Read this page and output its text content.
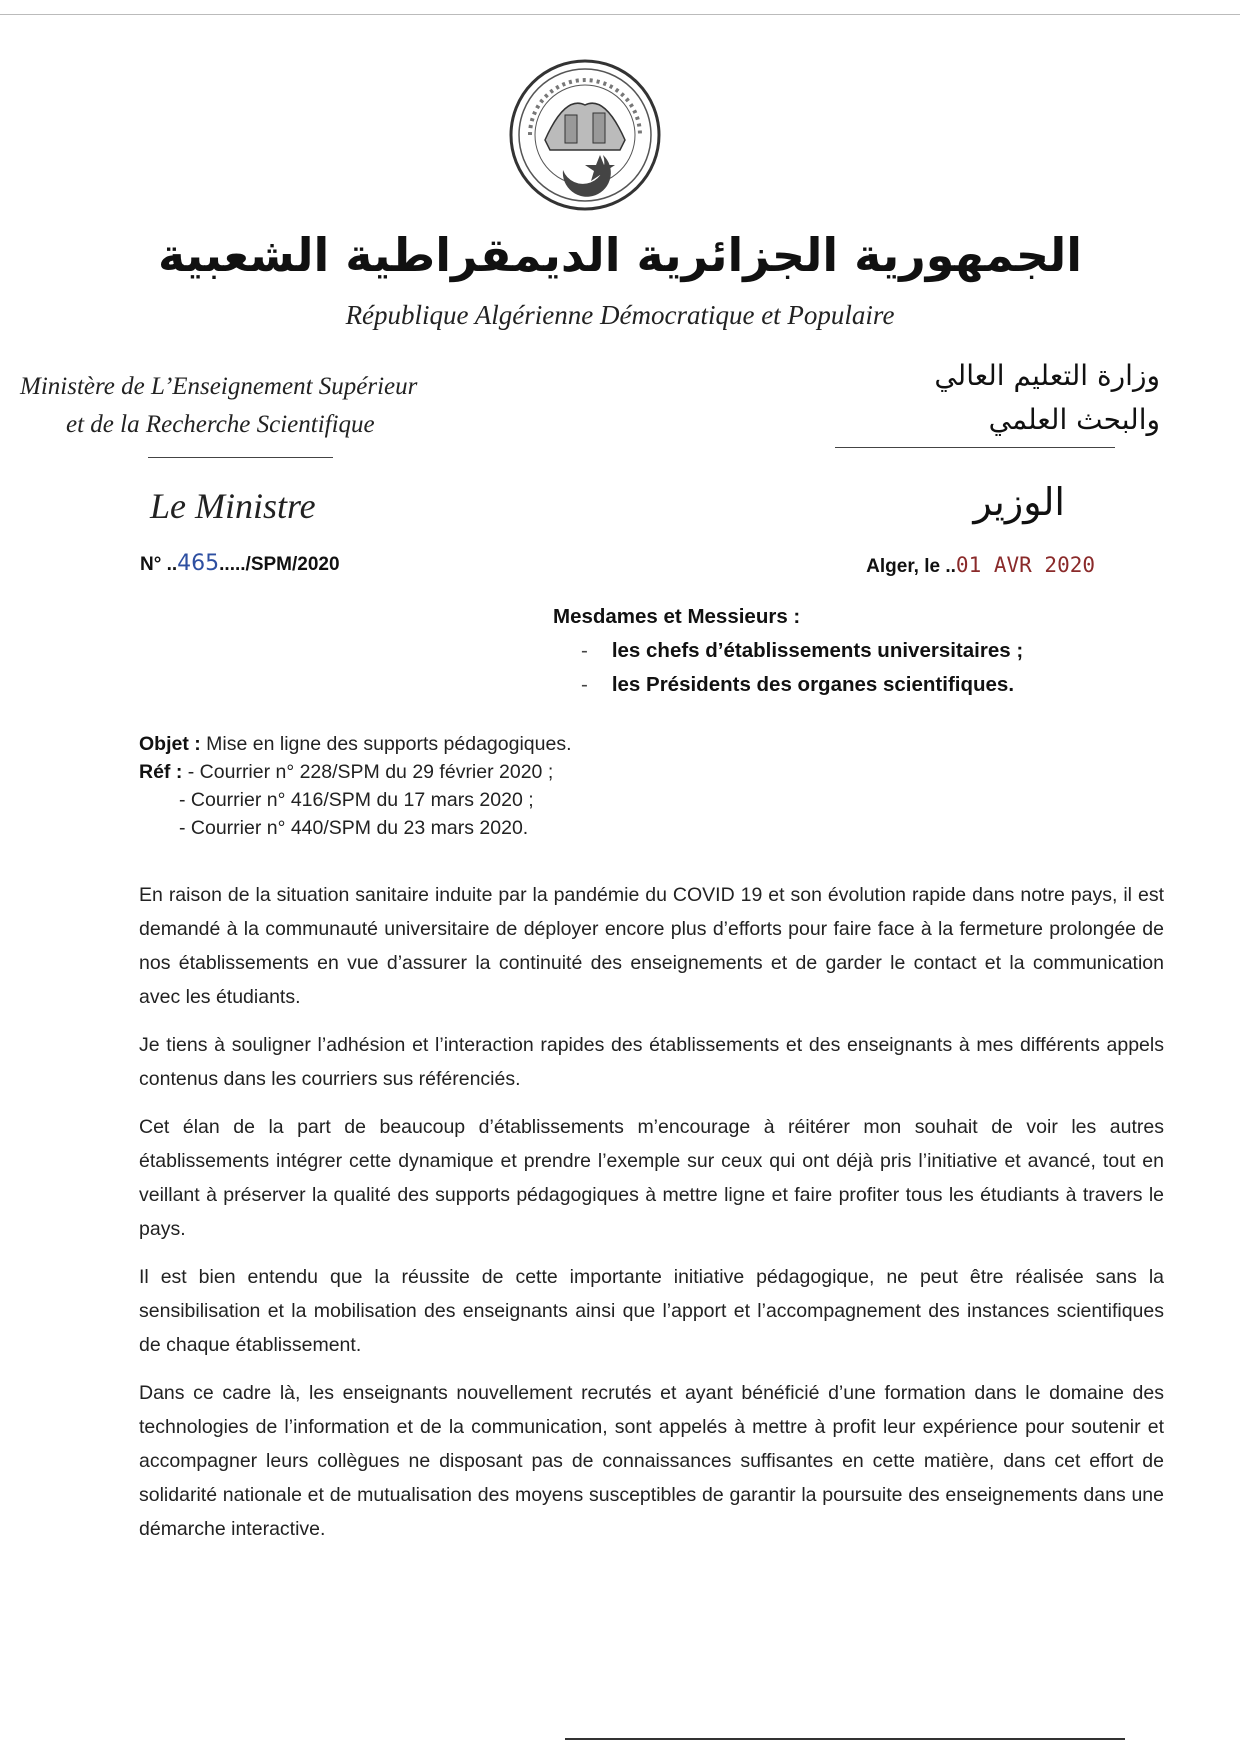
الجمهورية الجزائرية الديمقراطية الشعبية
République Algérienne Démocratique et Populaire
Ministère de L’Enseignement Supérieur
et de la Recherche Scientifique
وزارة التعليم العالي
والبحث العلمي
Le Ministre	الوزير
N° ..465...../SPM/2020	Alger, le ..01 AVR 2020
Mesdames et Messieurs :
- les chefs d’établissements universitaires ;
- les Présidents des organes scientifiques.
Objet : Mise en ligne des supports pédagogiques.
Réf : - Courrier n° 228/SPM du 29 février 2020 ;
- Courrier n° 416/SPM du 17 mars 2020 ;
- Courrier n° 440/SPM du 23 mars 2020.

En raison de la situation sanitaire induite par la pandémie du COVID 19 et son évolution rapide dans notre pays, il est demandé à la communauté universitaire de déployer encore plus d’efforts pour faire face à la fermeture prolongée de nos établissements en vue d’assurer la continuité des enseignements et de garder le contact et la communication avec les étudiants.

Je tiens à souligner l’adhésion et l’interaction rapides des établissements et des enseignants à mes différents appels contenus dans les courriers sus référenciés.

Cet élan de la part de beaucoup d’établissements m’encourage à réitérer mon souhait de voir les autres établissements intégrer cette dynamique et prendre l’exemple sur ceux qui ont déjà pris l’initiative et avancé, tout en veillant à préserver la qualité des supports pédagogiques à mettre ligne et faire profiter tous les étudiants à travers le pays.

Il est bien entendu que la réussite de cette importante initiative pédagogique, ne peut être réalisée sans la sensibilisation et la mobilisation des enseignants ainsi que l’apport et l’accompagnement des instances scientifiques de chaque établissement.

Dans ce cadre là, les enseignants nouvellement recrutés et ayant bénéficié d’une formation dans le domaine des technologies de l’information et de la communication, sont appelés à mettre à profit leur expérience pour soutenir et accompagner leurs collègues ne disposant pas de connaissances suffisantes en cette matière, dans cet effort de solidarité nationale et de mutualisation des moyens susceptibles de garantir la poursuite des enseignements dans une démarche interactive.
